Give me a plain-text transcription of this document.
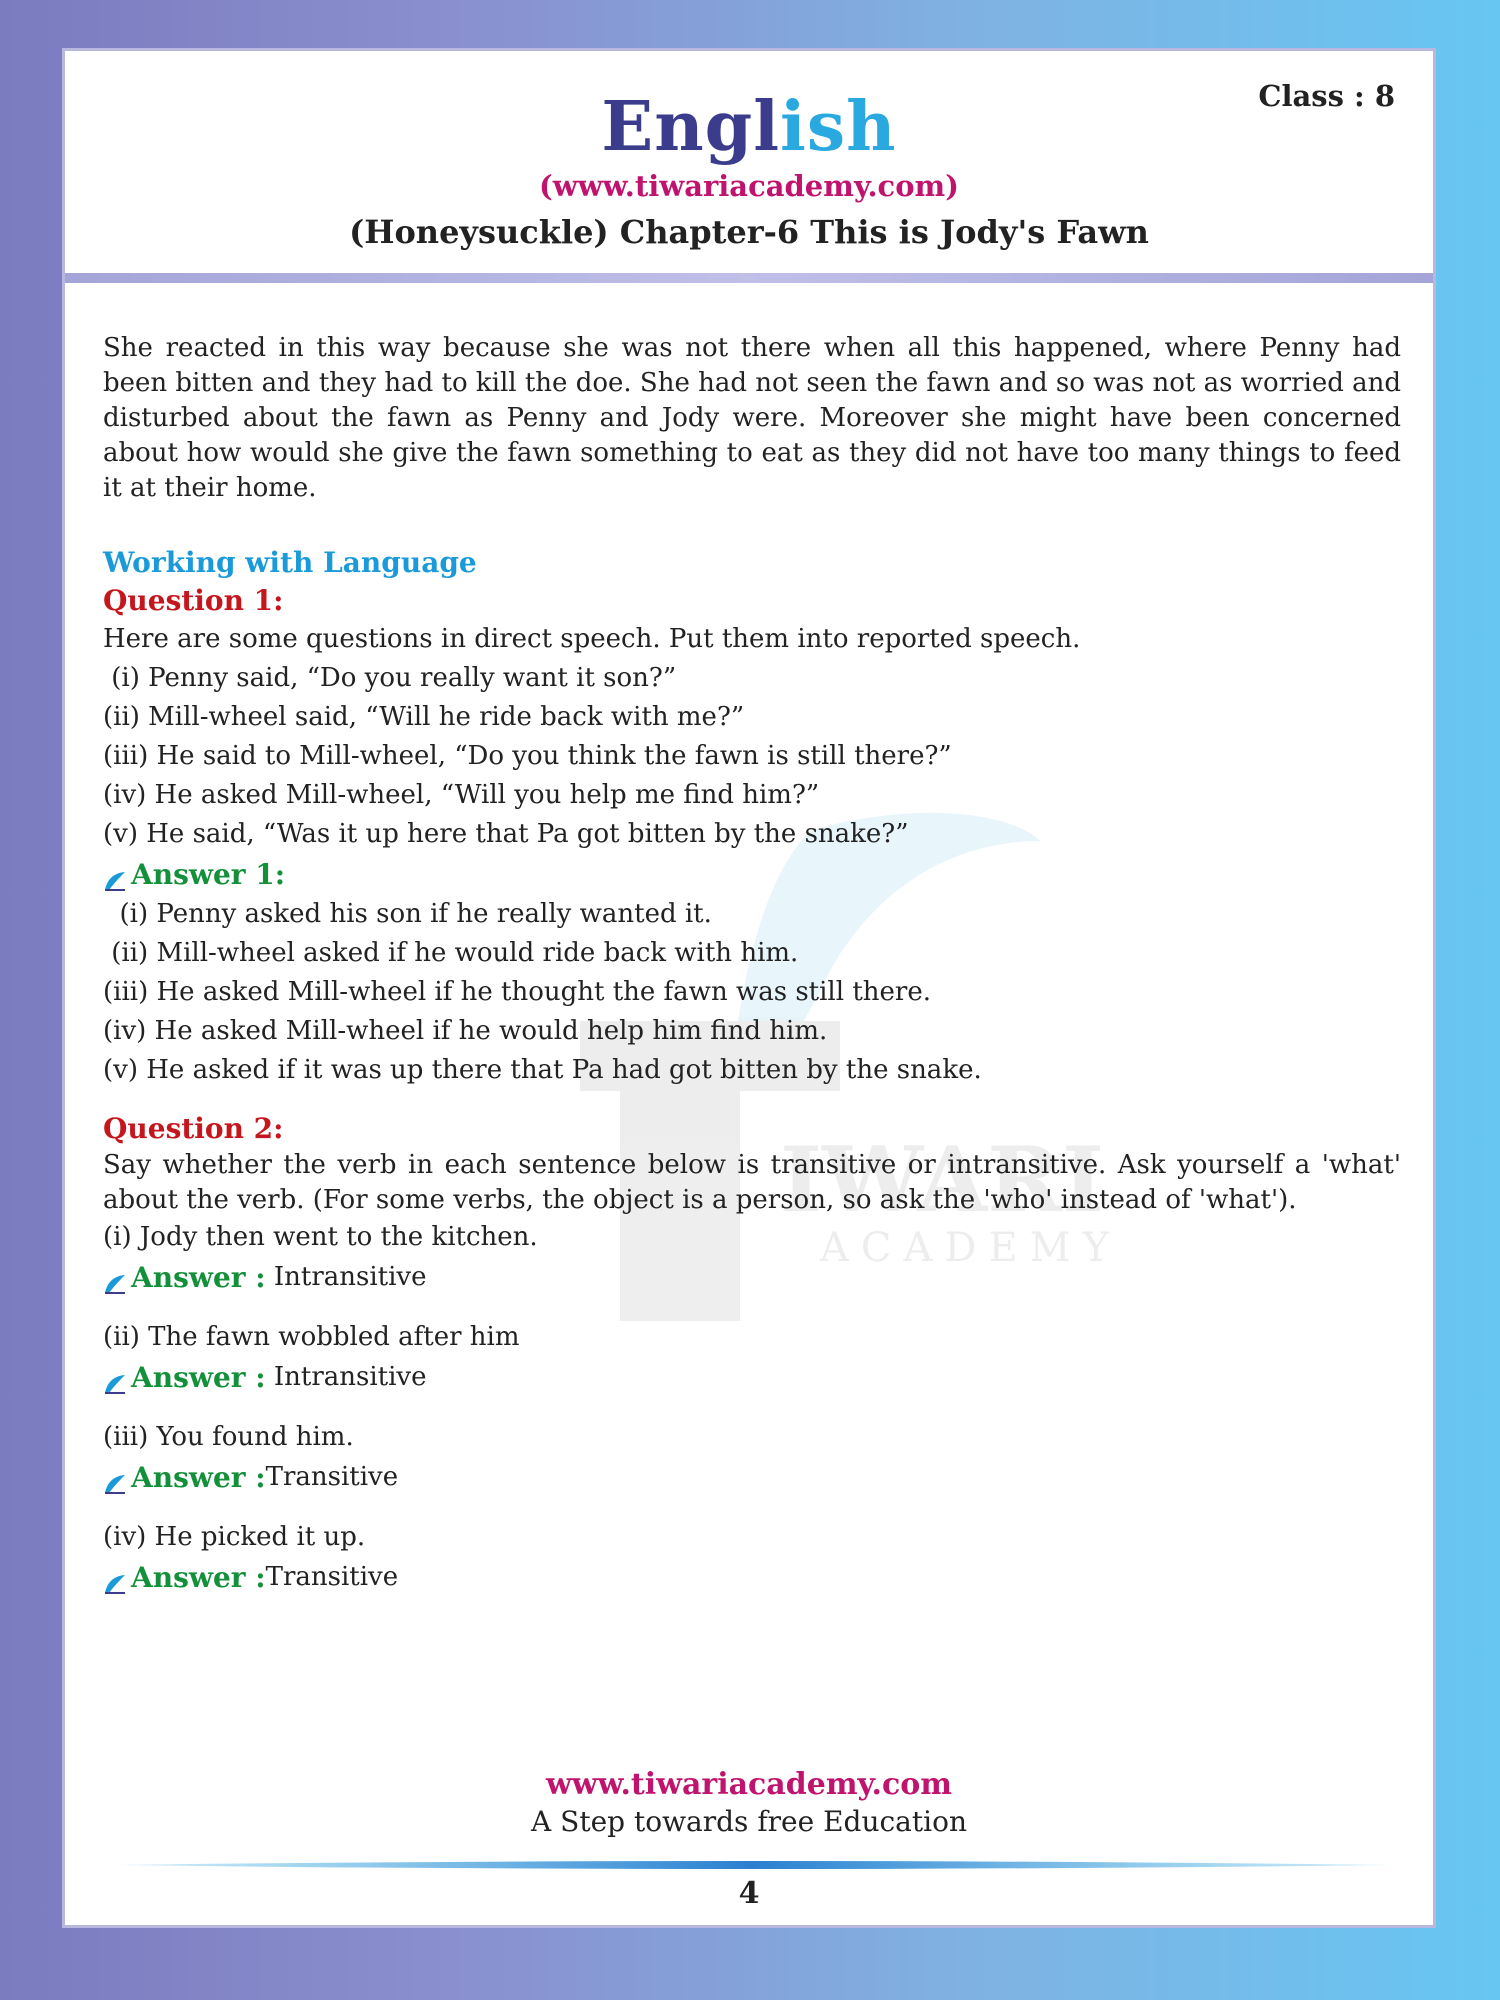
English	Class : 8
(www.tiwariacademy.com)
(Honeysuckle) Chapter-6 This is Jody's Fawn
IWARI
ACADEMY

She reacted in this way because she was not there when all this happened, where Penny had been bitten and they had to kill the doe. She had not seen the fawn and so was not as worried and disturbed about the fawn as Penny and Jody were. Moreover she might have been concerned about how would she give the fawn something to eat as they did not have too many things to feed it at their home.

Working with Language
Question 1:
Here are some questions in direct speech. Put them into reported speech.
(i) Penny said, “Do you really want it son?”
(ii) Mill-wheel said, “Will he ride back with me?”
(iii) He said to Mill-wheel, “Do you think the fawn is still there?”
(iv) He asked Mill-wheel, “Will you help me find him?”
(v) He said, “Was it up here that Pa got bitten by the snake?”
Answer 1:
(i) Penny asked his son if he really wanted it.
(ii) Mill-wheel asked if he would ride back with him.
(iii) He asked Mill-wheel if he thought the fawn was still there.
(iv) He asked Mill-wheel if he would help him find him.
(v) He asked if it was up there that Pa had got bitten by the snake.
Question 2:

Say whether the verb in each sentence below is transitive or intransitive. Ask yourself a 'what' about the verb. (For some verbs, the object is a person, so ask the 'who' instead of 'what').

(i) Jody then went to the kitchen.
Answer :
Intransitive
(ii) The fawn wobbled after him
Answer :
Intransitive
(iii) You found him.
Answer : Transitive
(iv) He picked it up.
Answer : Transitive
www.tiwariacademy.com
A Step towards free Education
4
